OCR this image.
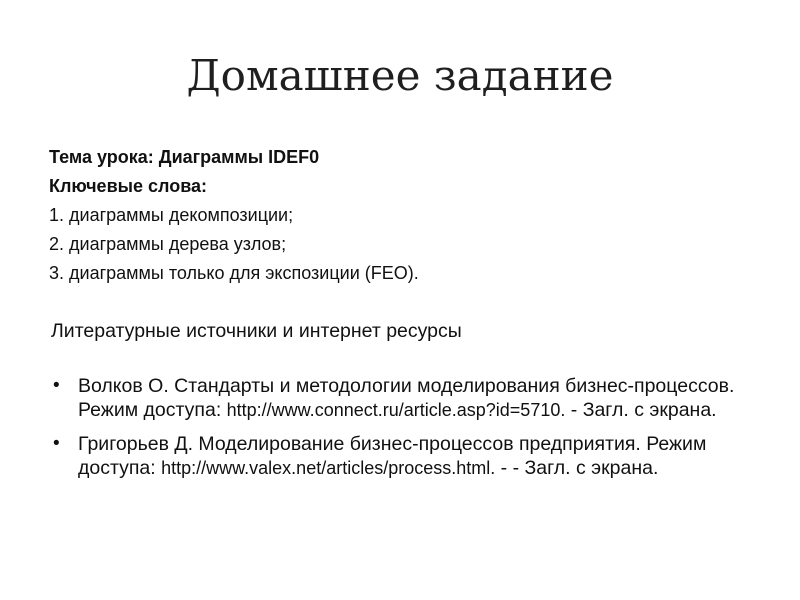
Домашнее задание
Тема урока: Диаграммы IDEF0
Ключевые слова:
1. диаграммы декомпозиции;
2. диаграммы дерева узлов;
3. диаграммы только для экспозиции (FEO).
Литературные источники и интернет ресурсы
• Волков О. Стандарты и методологии моделирования бизнес-процессов. Режим доступа: http://www.connect.ru/article.asp?id=5710. - Загл. с экрана.
• Григорьев Д. Моделирование бизнес-процессов предприятия. Режим доступа: http://www.valex.net/articles/process.html. - - Загл. с экрана.
